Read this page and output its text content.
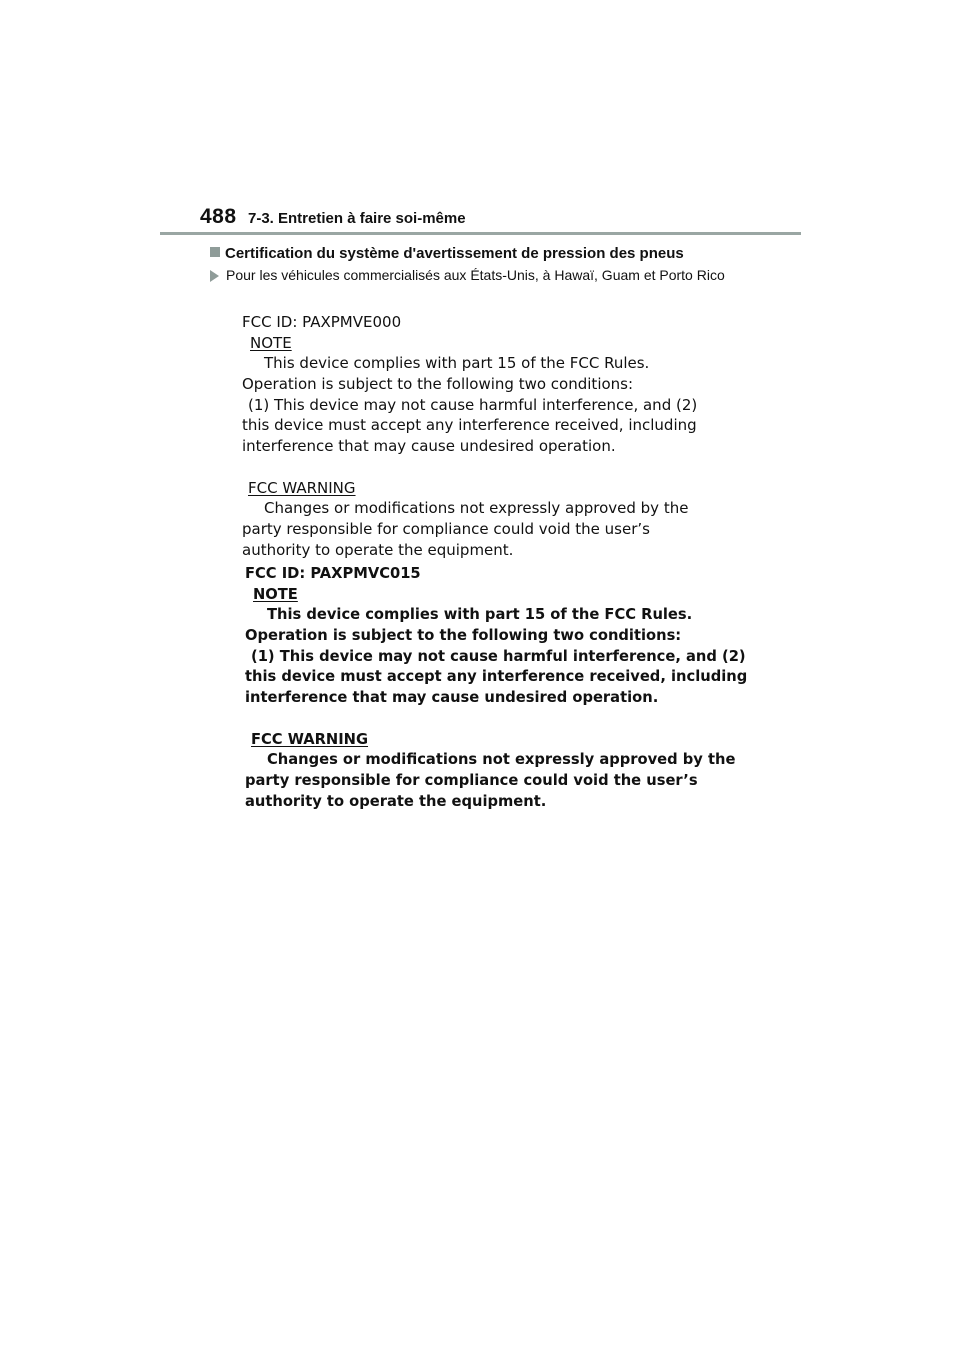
488 7-3. Entretien à faire soi-même
Certification du système d'avertissement de pression des pneus
Pour les véhicules commercialisés aux États-Unis, à Hawaï, Guam et Porto Rico
FCC ID: PAXPMVE000
NOTE
This device complies with part 15 of the FCC Rules.
Operation is subject to the following two conditions:
(1) This device may not cause harmful interference, and (2)
this device must accept any interference received, including
interference that may cause undesired operation.
FCC WARNING
Changes or modifications not expressly approved by the
party responsible for compliance could void the user’s
authority to operate the equipment.
FCC ID: PAXPMVC015
NOTE
This device complies with part 15 of the FCC Rules.
Operation is subject to the following two conditions:
(1) This device may not cause harmful interference, and (2)
this device must accept any interference received, including
interference that may cause undesired operation.
FCC WARNING
Changes or modifications not expressly approved by the
party responsible for compliance could void the user’s
authority to operate the equipment.
